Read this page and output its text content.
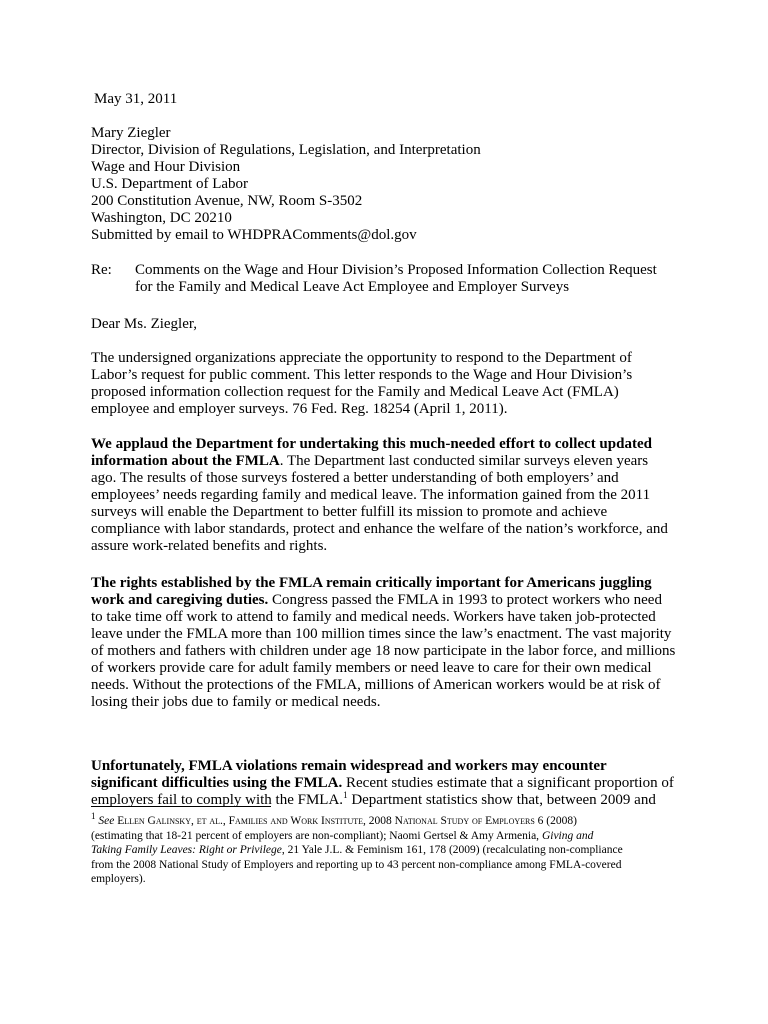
May 31, 2011
Mary Ziegler
Director, Division of Regulations, Legislation, and Interpretation
Wage and Hour Division
U.S. Department of Labor
200 Constitution Avenue, NW, Room S-3502
Washington, DC 20210
Submitted by email to WHDPRAComments@dol.gov
Re: Comments on the Wage and Hour Division’s Proposed Information Collection Request
for the Family and Medical Leave Act Employee and Employer Surveys
Dear Ms. Ziegler,
The undersigned organizations appreciate the opportunity to respond to the Department of
Labor’s request for public comment. This letter responds to the Wage and Hour Division’s
proposed information collection request for the Family and Medical Leave Act (FMLA)
employee and employer surveys. 76 Fed. Reg. 18254 (April 1, 2011).
We applaud the Department for undertaking this much-needed effort to collect updated
information about the FMLA. The Department last conducted similar surveys eleven years
ago. The results of those surveys fostered a better understanding of both employers’ and
employees’ needs regarding family and medical leave. The information gained from the 2011
surveys will enable the Department to better fulfill its mission to promote and achieve
compliance with labor standards, protect and enhance the welfare of the nation’s workforce, and
assure work-related benefits and rights.
The rights established by the FMLA remain critically important for Americans juggling
work and caregiving duties. Congress passed the FMLA in 1993 to protect workers who need
to take time off work to attend to family and medical needs. Workers have taken job-protected
leave under the FMLA more than 100 million times since the law’s enactment. The vast majority
of mothers and fathers with children under age 18 now participate in the labor force, and millions
of workers provide care for adult family members or need leave to care for their own medical
needs. Without the protections of the FMLA, millions of American workers would be at risk of
losing their jobs due to family or medical needs.
Unfortunately, FMLA violations remain widespread and workers may encounter
significant difficulties using the FMLA. Recent studies estimate that a significant proportion of
employers fail to comply with the FMLA.$^1$ Department statistics show that, between 2009 and
$^1$ See Ellen Galinsky, et al., Families and Work Institute, 2008 National Study of Employers 6 (2008)
(estimating that 18-21 percent of employers are non-compliant); Naomi Gertsel & Amy Armenia, Giving and
Taking Family Leaves: Right or Privilege, 21 Yale J.L. & Feminism 161, 178 (2009) (recalculating non-compliance
from the 2008 National Study of Employers and reporting up to 43 percent non-compliance among FMLA-covered
employers).
